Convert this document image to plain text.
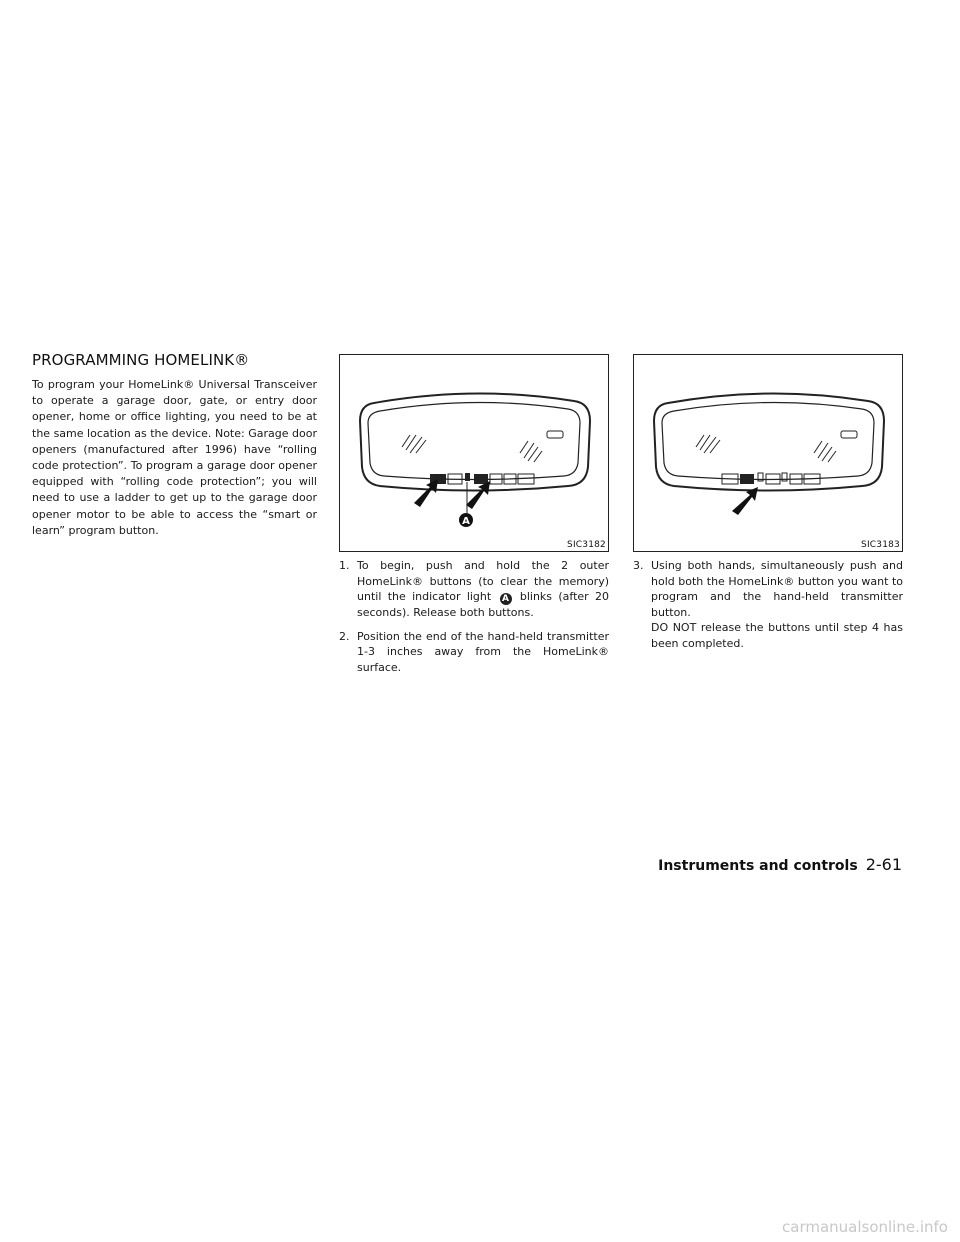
PROGRAMMING HOMELINK®

To program your HomeLink® Universal Transceiver to operate a garage door, gate, or entry door opener, home or office lighting, you need to be at the same location as the device. Note: Garage door openers (manufactured after 1996) have “rolling code protection”. To program a garage door opener equipped with “rolling code protection”; you will need to use a ladder to get up to the garage door opener motor to be able to access the “smart or learn” program button.

A
SIC3182	SIC3183
1. To begin, push and hold the 2 outer HomeLink® buttons (to clear the memory) until the indicator light A blinks (after 20 seconds). Release both buttons.
2. Position the end of the hand-held transmitter 1-3 inches away from the HomeLink® surface.
3. Using both hands, simultaneously push and hold both the HomeLink® button you want to program and the hand-held transmitter button.
DO NOT release the buttons until step 4 has been completed.
Instruments and controls 2-61
carmanualsonline.info
